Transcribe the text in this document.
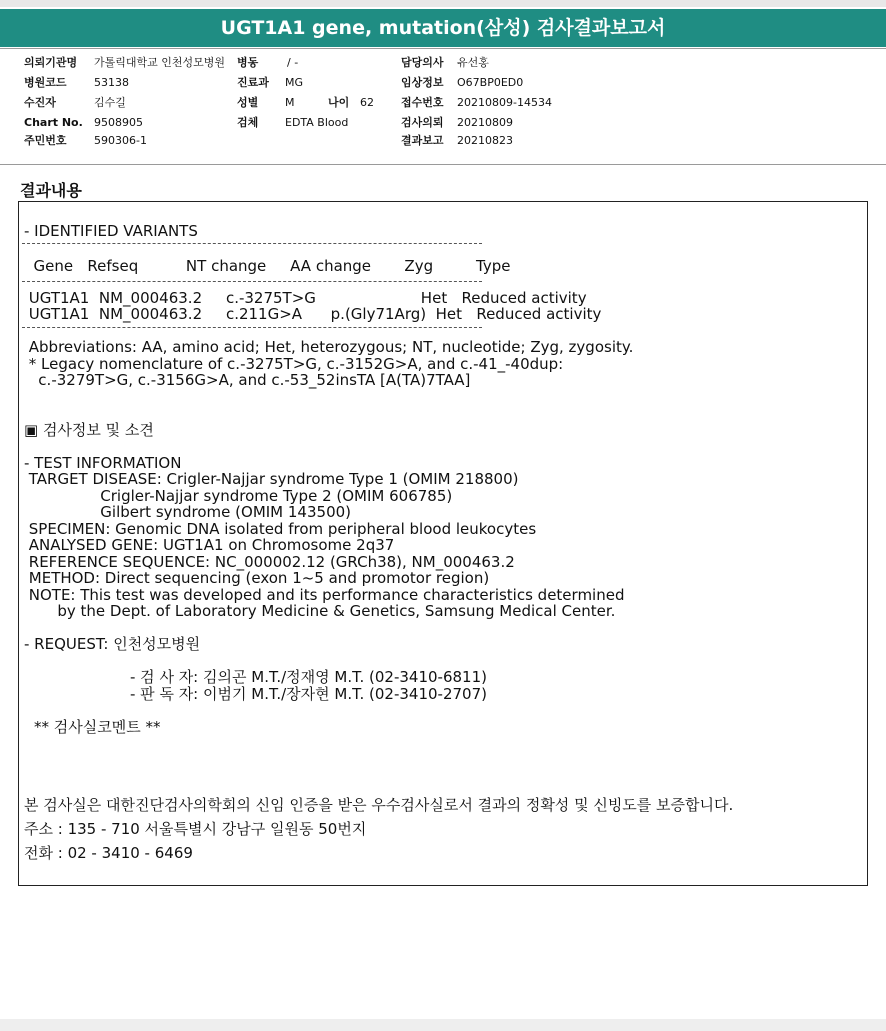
UGT1A1 gene, mutation(삼성) 검사결과보고서
의뢰기관명 가톨릭대학교 인천성모병원
병원코드 53138
수진자	김수길
Chart No. 9508905
주민번호 590306-1
병동	/ -
진료과 MG
성별 M	나이 62
검체 EDTA Blood
담당의사 유선홍
임상정보 O67BP0ED0
접수번호 20210809-14534
검사의뢰 20210809
결과보고 20210823
결과내용
- IDENTIFIED VARIANTS
Gene   Refseq          NT change     AA change       Zyg         Type
UGT1A1  NM_000463.2     c.-3275T>G                      Het   Reduced activity
UGT1A1  NM_000463.2     c.211G>A      p.(Gly71Arg)  Het   Reduced activity
Abbreviations: AA, amino acid; Het, heterozygous; NT, nucleotide; Zyg, zygosity.
* Legacy nomenclature of c.-3275T>G, c.-3152G>A, and c.-41_-40dup:
c.-3279T>G, c.-3156G>A, and c.-53_52insTA [A(TA)7TAA]
▣ 검사정보 및 소견
- TEST INFORMATION
TARGET DISEASE: Crigler-Najjar syndrome Type 1 (OMIM 218800)
Crigler-Najjar syndrome Type 2 (OMIM 606785)
Gilbert syndrome (OMIM 143500)
SPECIMEN: Genomic DNA isolated from peripheral blood leukocytes
ANALYSED GENE: UGT1A1 on Chromosome 2q37
REFERENCE SEQUENCE: NC_000002.12 (GRCh38), NM_000463.2
METHOD: Direct sequencing (exon 1~5 and promotor region)
NOTE: This test was developed and its performance characteristics determined
by the Dept. of Laboratory Medicine & Genetics, Samsung Medical Center.
- REQUEST: 인천성모병원
- 검 사 자: 김의곤 M.T./정재영 M.T. (02-3410-6811)
- 판 독 자: 이범기 M.T./장자현 M.T. (02-3410-2707)
** 검사실코멘트 **
본 검사실은 대한진단검사의학회의 신임 인증을 받은 우수검사실로서 결과의 정확성 및 신빙도를 보증합니다.
주소 : 135 - 710 서울특별시 강남구 일원동 50번지
전화 : 02 - 3410 - 6469
